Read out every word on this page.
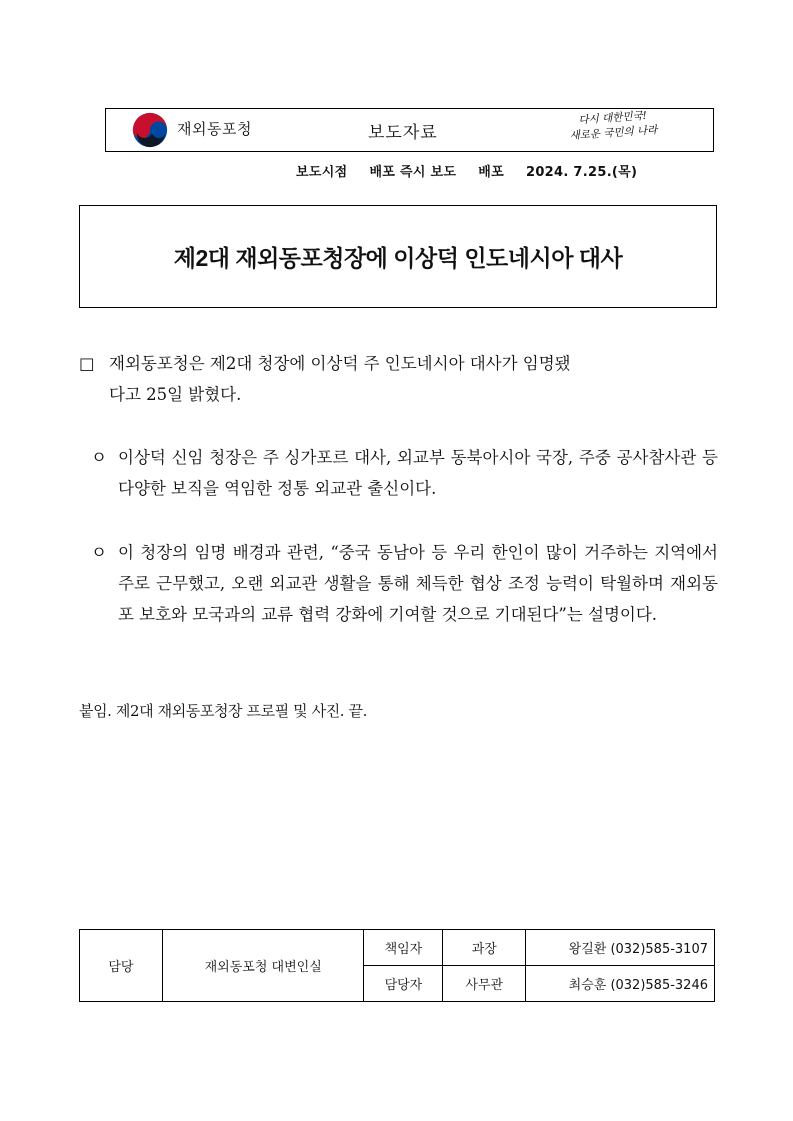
재외동포청	보도자료
다시 대한민국!
새로운 국민의 나라
보도시점 배포 즉시 보도 배포 2024. 7.25.(목)
제2대 재외동포청장에 이상덕 인도네시아 대사
□ 재외동포청은 제2대 청장에 이상덕 주 인도네시아 대사가 임명됐
다고 25일 밝혔다.
ㅇ 이상덕 신임 청장은 주 싱가포르 대사, 외교부 동북아시아 국장, 주중 공사참사관 등 다양한 보직을 역임한 정통 외교관 출신이다.
ㅇ 이 청장의 임명 배경과 관련, “중국 동남아 등 우리 한인이 많이 거주하는 지역에서 주로 근무했고, 오랜 외교관 생활을 통해 체득한 협상 조정 능력이 탁월하며 재외동포 보호와 모국과의 교류 협력 강화에 기여할 것으로 기대된다”는 설명이다.
붙임. 제2대 재외동포청장 프로필 및 사진. 끝.
담당	재외동포청 대변인실	책임자	과장	왕길환 (032)585-3107
		담당자	사무관	최승훈 (032)585-3246
